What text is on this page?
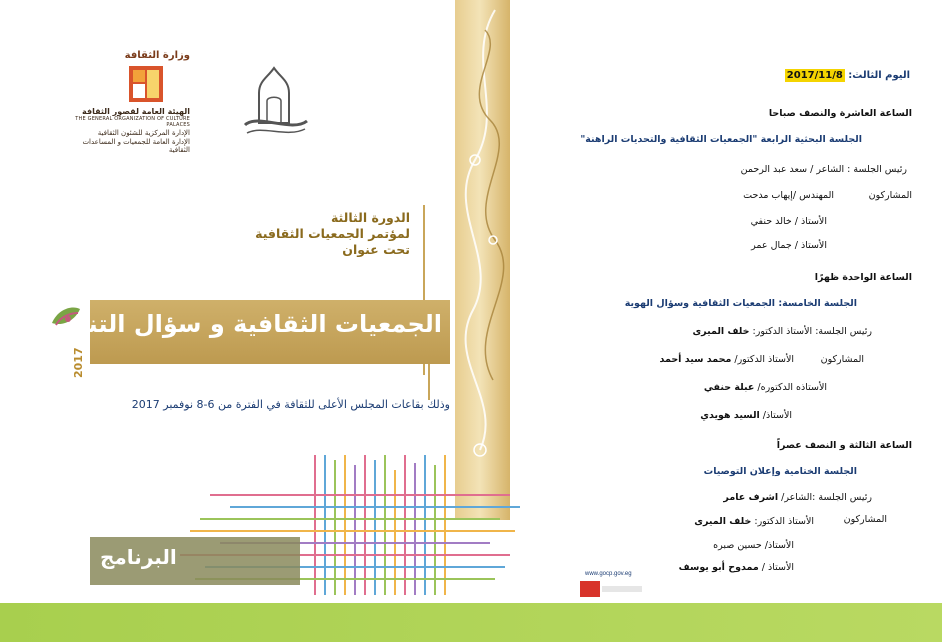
وزارة الثقافة
الهيئة العامة لقصور الثقافة
THE GENERAL ORGANIZATION OF CULTURE PALACES
الإدارة المركزية للشئون الثقافية
الإدارة العامة للجمعيات و المساعدات الثقافية
الدورة الثالثة
لمؤتمر الجمعيات الثقافية
تحت عنوان
الجمعيات الثقافية و سؤال التنوير
2017
وذلك بقاعات المجلس الأعلى للثقافة في الفترة من 6-8 نوفمبر 2017
البرنامج
www.gocp.gov.eg
اليوم الثالث: 2017/11/8
الساعة العاشرة والنصف صباحا
الجلسة البحثية الرابعة "الجمعيات الثقافية والتحديات الراهنة"
رئيس الجلسة : الشاعر / سعد عبد الرحمن
المشاركون
المهندس /إيهاب مدحت
الأستاذ / خالد حنفي
الأستاذ / جمال عمر
الساعة الواحدة ظهرًا
الجلسة الخامسة: الجمعيات الثقافية وسؤال الهوية
رئيس الجلسة: الأستاذ الدكتور: خلف الميرى
المشاركون
الأستاذ الدكتور/ محمد سيد أحمد
الأستاذه الدكتوره/ عبلة حنفي
الأستاذ/ السيد هويدي
الساعة الثالثة و النصف عصراً
الجلسة الختامية وإعلان التوصيات
رئيس الجلسة :الشاعر/ اشرف عامر
المشاركون
الأستاذ الدكتور: خلف الميرى
الأستاذ/ حسين صبره
الأستاذ / ممدوح أبو يوسف
